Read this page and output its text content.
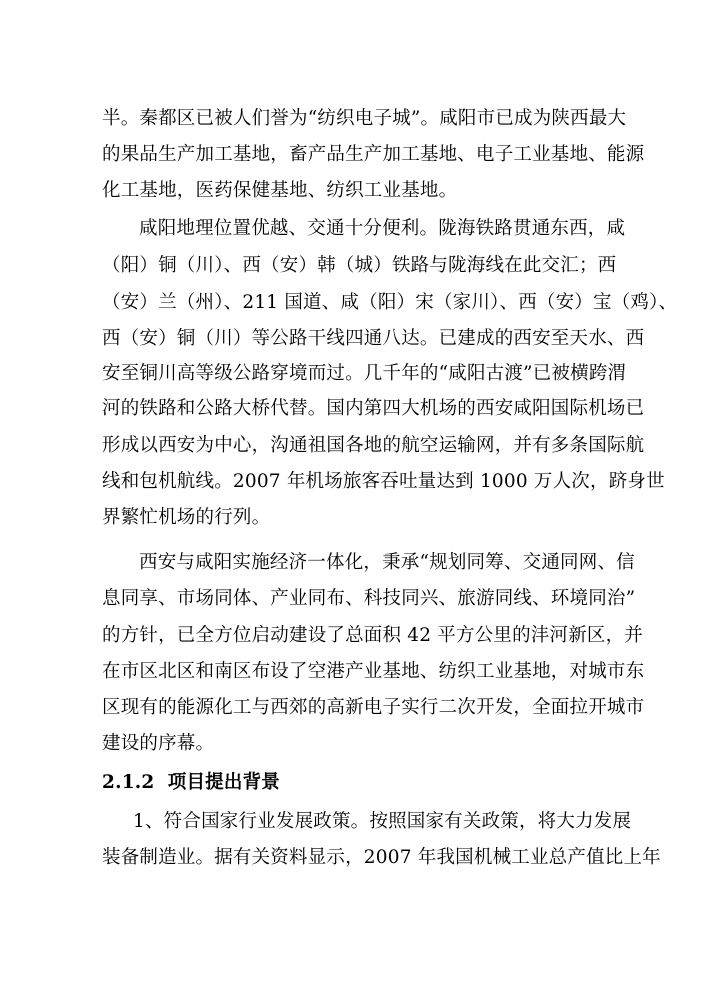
半。秦都区已被人们誉为“纺织电子城”。咸阳市已成为陕西最大
的果品生产加工基地，畜产品生产加工基地、电子工业基地、能源
化工基地，医药保健基地、纺织工业基地。
咸阳地理位置优越、交通十分便利。陇海铁路贯通东西，咸
（阳）铜（川）、西（安）韩（城）铁路与陇海线在此交汇；西
（安）兰（州）、211 国道、咸（阳）宋（家川）、西（安）宝（鸡）、
西（安）铜（川）等公路干线四通八达。已建成的西安至天水、西
安至铜川高等级公路穿境而过。几千年的“咸阳古渡”已被横跨渭
河的铁路和公路大桥代替。国内第四大机场的西安咸阳国际机场已
形成以西安为中心，沟通祖国各地的航空运输网，并有多条国际航
线和包机航线。2007 年机场旅客吞吐量达到 1000 万人次，跻身世
界繁忙机场的行列。
西安与咸阳实施经济一体化，秉承“规划同筹、交通同网、信
息同享、市场同体、产业同布、科技同兴、旅游同线、环境同治”
的方针，已全方位启动建设了总面积 42 平方公里的沣河新区，并
在市区北区和南区布设了空港产业基地、纺织工业基地，对城市东
区现有的能源化工与西郊的高新电子实行二次开发，全面拉开城市
建设的序幕。
2.1.2  项目提出背景
1、符合国家行业发展政策。按照国家有关政策，将大力发展
装备制造业。据有关资料显示，2007 年我国机械工业总产值比上年
